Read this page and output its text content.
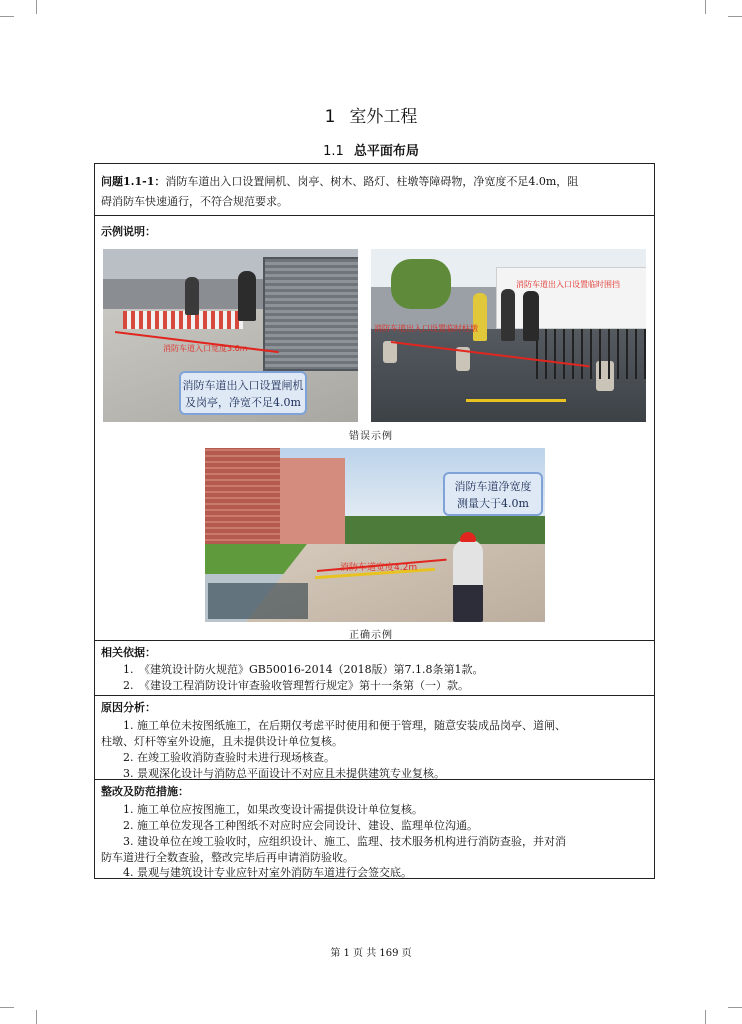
1 室外工程
1.1 总平面布局
问题1.1-1：消防车道出入口设置闸机、岗亭、树木、路灯、柱墩等障碍物，净宽度不足4.0m，阻
碍消防车快速通行，不符合规范要求。
示例说明：
消防车道入口宽度3.6m
消防车道出入口设置闸机
及岗亭，净宽不足4.0m
消防车道出入口设置临时围挡
消防车道出入口设置临时柱墩
错误示例
消防车道宽度4.2m
消防车道净宽度
测量大于4.0m
正确示例
相关依据：
1.　《建筑设计防火规范》GB50016-2014（2018版）第7.1.8条第1款。
2.　《建设工程消防设计审查验收管理暂行规定》第十一条第（一）款。
原因分析：
1. 施工单位未按图纸施工，在后期仅考虑平时使用和便于管理，随意安装成品岗亭、道闸、
柱墩、灯杆等室外设施，且未提供设计单位复核。
2. 在竣工验收消防查验时未进行现场核查。
3. 景观深化设计与消防总平面设计不对应且未提供建筑专业复核。
整改及防范措施：
1. 施工单位应按图施工，如果改变设计需提供设计单位复核。
2. 施工单位发现各工种图纸不对应时应会同设计、建设、监理单位沟通。
3. 建设单位在竣工验收时，应组织设计、施工、监理、技术服务机构进行消防查验，并对消
防车道进行全数查验，整改完毕后再申请消防验收。
4. 景观与建筑设计专业应针对室外消防车道进行会签交底。
第 1 页 共 169 页
